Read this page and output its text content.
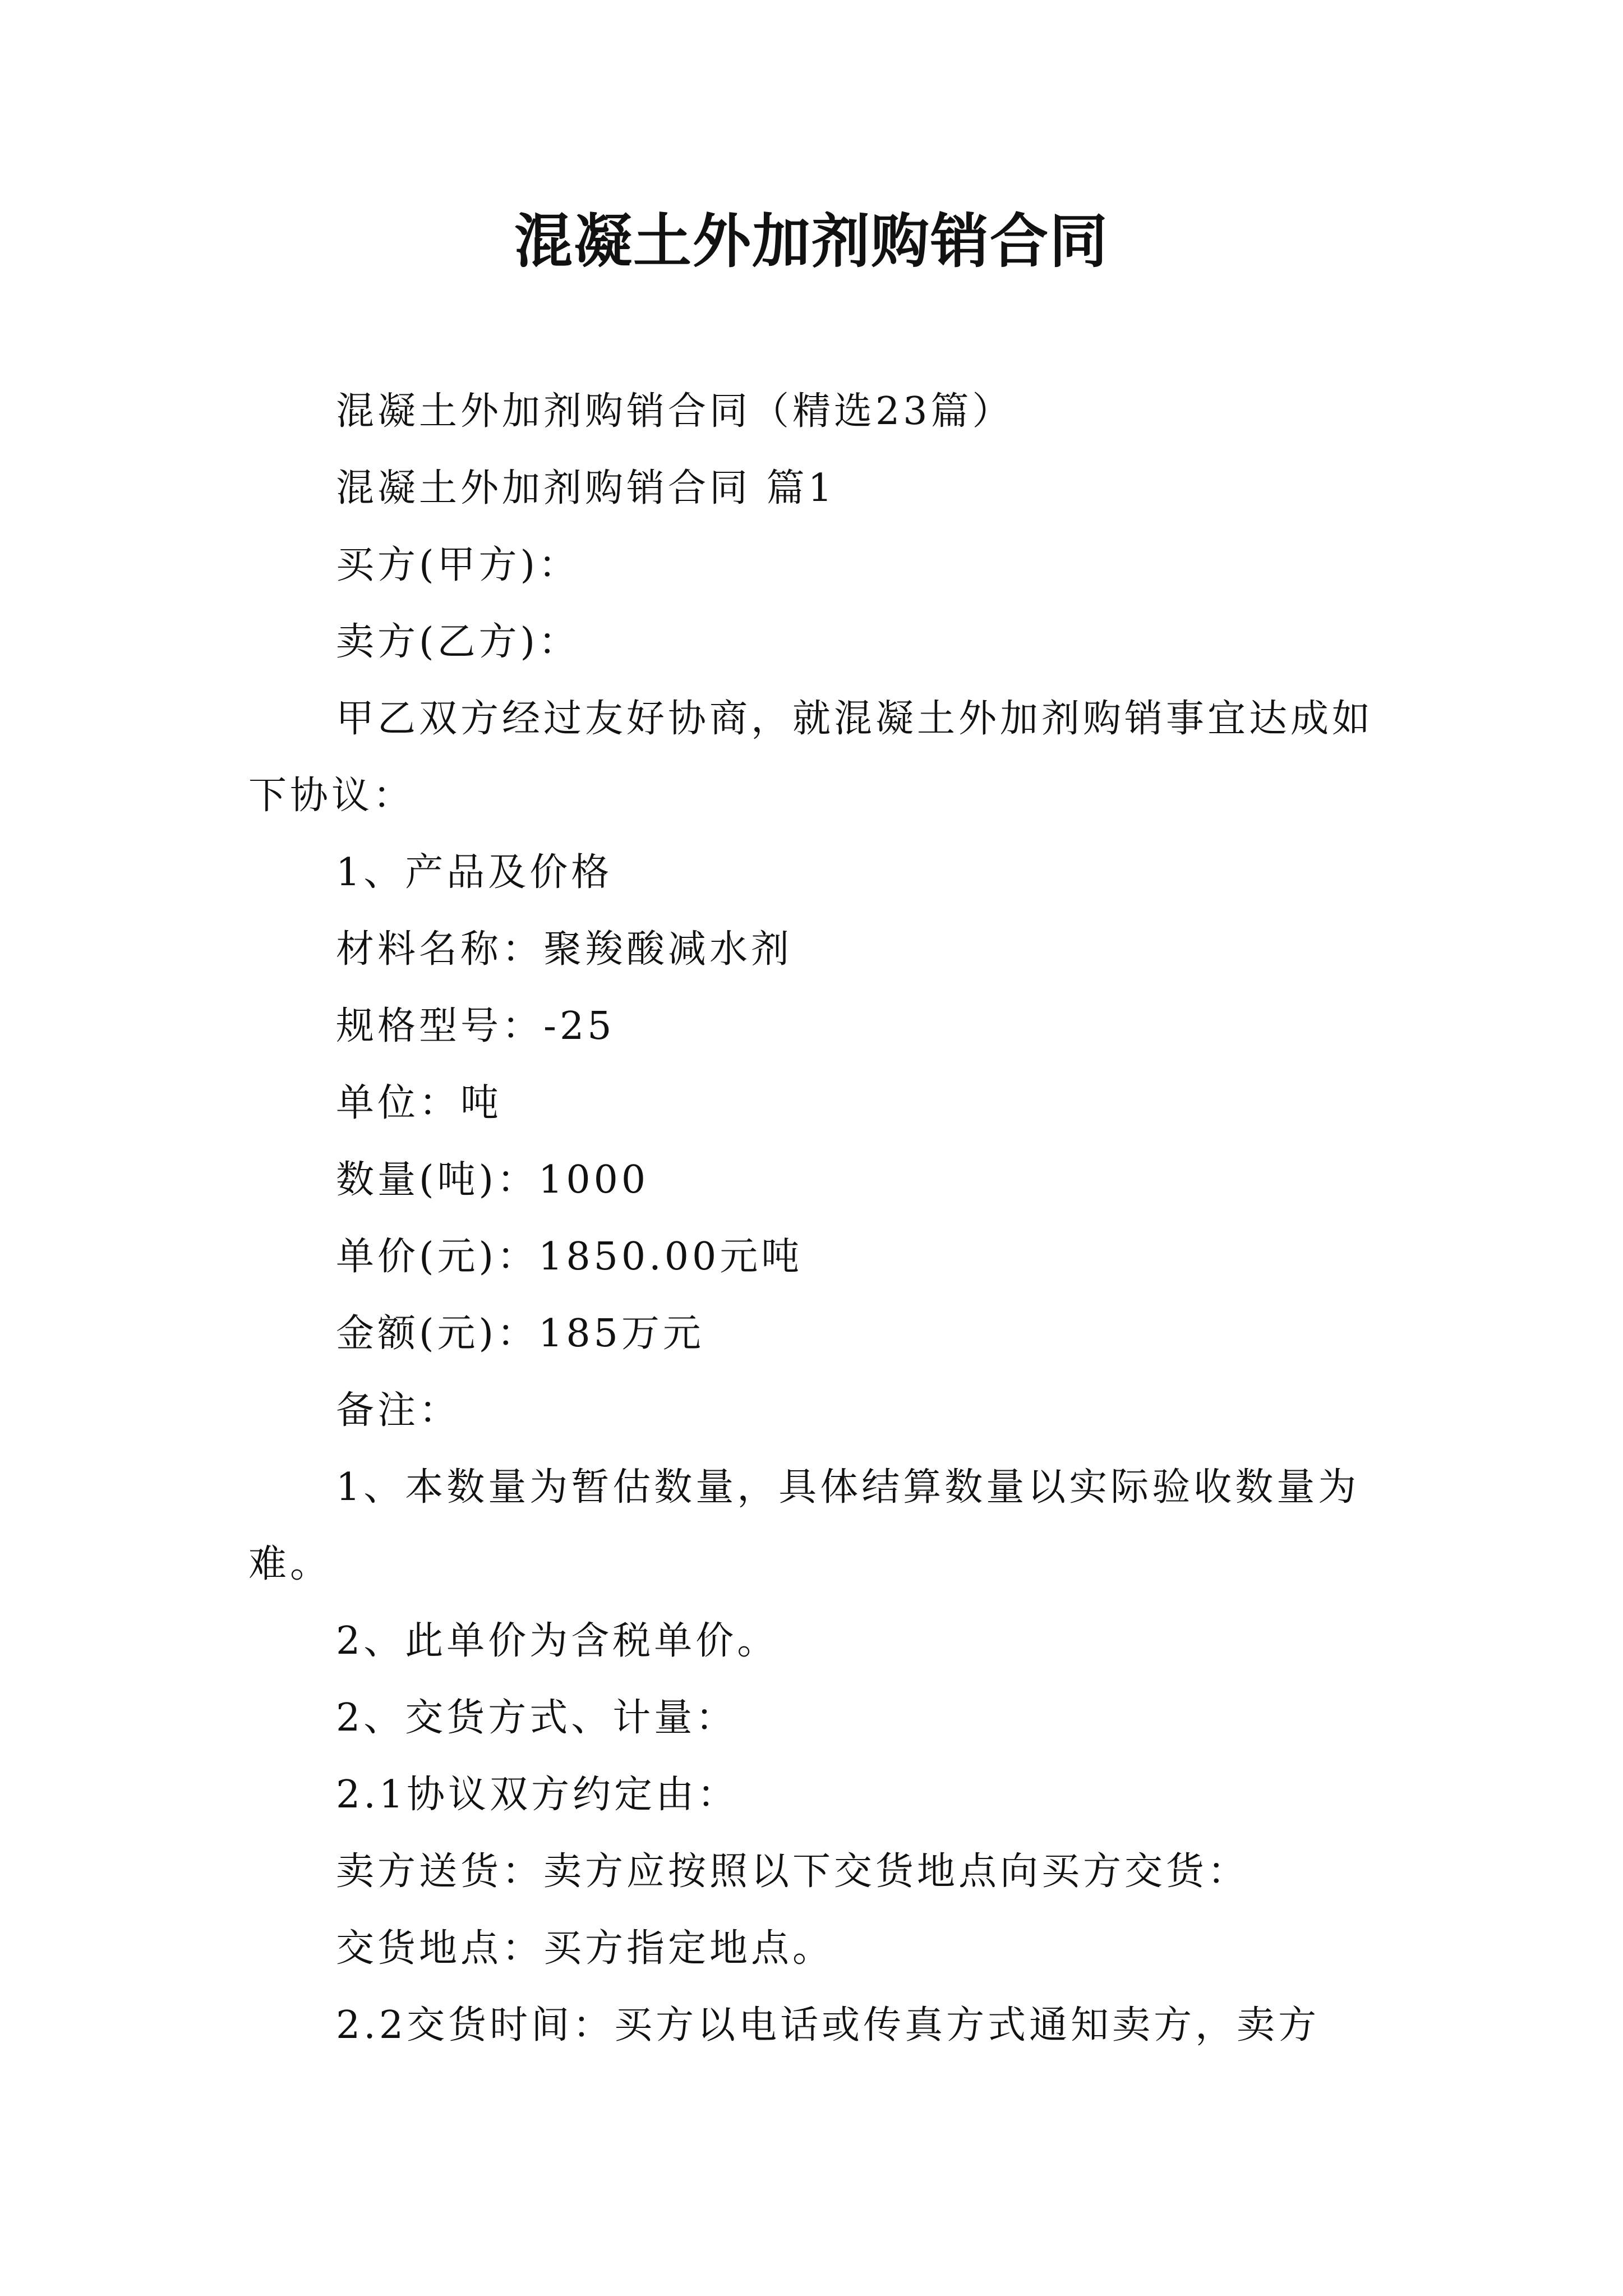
混凝土外加剂购销合同

混凝土外加剂购销合同（精选23篇）

混凝土外加剂购销合同 篇1

买方(甲方)：

卖方(乙方)：

甲乙双方经过友好协商，就混凝土外加剂购销事宜达成如下协议：

1、产品及价格

材料名称：聚羧酸减水剂

规格型号：-25

单位：吨

数量(吨)：1000

单价(元)：1850.00元吨

金额(元)：185万元

备注：

1、本数量为暂估数量，具体结算数量以实际验收数量为难。

2、此单价为含税单价。

2、交货方式、计量：

2.1协议双方约定由：

卖方送货：卖方应按照以下交货地点向买方交货：

交货地点：买方指定地点。

2.2交货时间：买方以电话或传真方式通知卖方，卖方
